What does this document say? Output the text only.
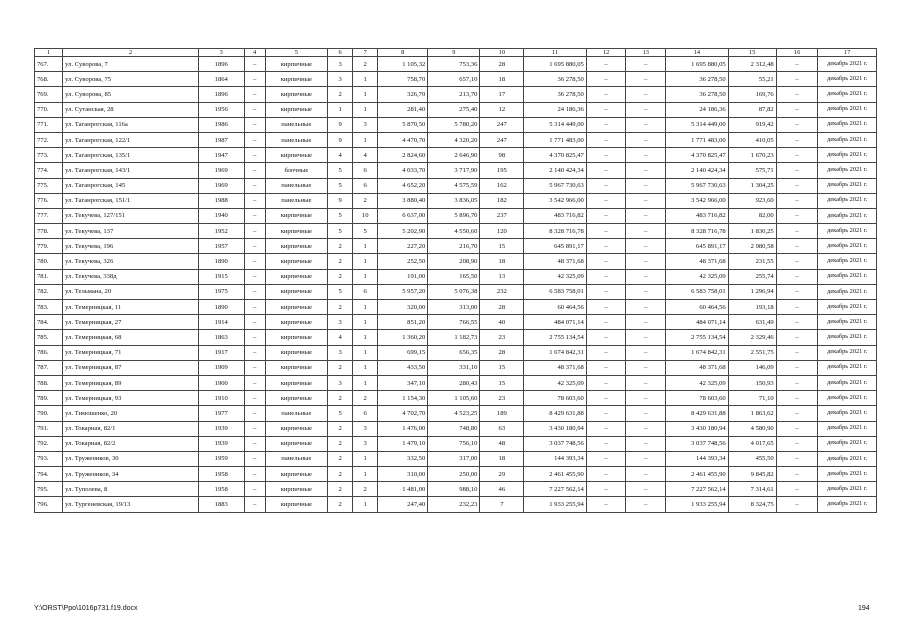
1	2	3	4	5	6	7	8	9	10	11	12	13	14	15	16	17
767.	ул. Суворова, 7	1896	–	кирпичные	3	2	1 105,32	753,36	28	1 695 880,05	–	–	1 695 880,05	2 312,48	–	декабрь 2021 г.
768.	ул. Суворова, 75	1864	–	кирпичные	3	1	758,70	657,10	18	36 278,50	–	–	36 278,50	55,21	–	декабрь 2021 г.
769.	ул. Суворова, 85	1896	–	кирпичные	2	1	326,70	213,70	17	36 278,50	–	–	36 278,50	169,76	–	декабрь 2021 г.
770.	ул. Сутанская, 28	1956	–	кирпичные	1	1	281,40	275,40	12	24 186,36	–	–	24 186,36	87,82	–	декабрь 2021 г.
771.	ул. Таганрогская, 116а	1986	–	панельные	9	3	5 870,50	5 780,20	247	5 314 449,00	–	–	5 314 449,00	919,42	–	декабрь 2021 г.
772.	ул. Таганрогская, 122/1	1987	–	панельные	9	1	4 470,70	4 320,20	247	1 771 483,00	–	–	1 771 483,00	410,05	–	декабрь 2021 г.
773.	ул. Таганрогская, 135/1	1947	–	кирпичные	4	4	2 824,60	2 646,90	98	4 370 825,47	–	–	4 370 825,47	1 670,23	–	декабрь 2021 г.
774.	ул. Таганрогская, 143/1	1969	–	блочные	5	6	4 033,70	3 717,90	195	2 140 424,34	–	–	2 140 424,34	575,71	–	декабрь 2021 г.
775.	ул. Таганрогская, 145	1969	–	панельные	5	6	4 652,20	4 575,59	162	5 967 730,63	–	–	5 967 730,63	1 304,25	–	декабрь 2021 г.
776.	ул. Таганрогская, 151/1	1988	–	панельные	9	2	3 880,40	3 836,05	182	3 542 966,00	–	–	3 542 966,00	923,60	–	декабрь 2021 г.
777.	ул. Текучева, 127/151	1940	–	кирпичные	5	10	6 637,00	5 896,70	237	483 716,82	–	–	483 716,82	82,00	–	декабрь 2021 г.
778.	ул. Текучева, 137	1952	–	кирпичные	5	5	5 202,90	4 550,60	120	8 328 716,78	–	–	8 328 716,78	1 830,25	–	декабрь 2021 г.
779.	ул. Текучева, 196	1957	–	кирпичные	2	1	227,20	216,70	15	645 891,17	–	–	645 891,17	2 980,58	–	декабрь 2021 г.
780.	ул. Текучева, 326	1890	–	кирпичные	2	1	252,50	208,90	18	48 371,68	–	–	48 371,68	231,55	–	декабрь 2021 г.
781.	ул. Текучева, 338д	1915	–	кирпичные	2	1	191,00	165,50	13	42 325,09	–	–	42 325,09	255,74	–	декабрь 2021 г.
782.	ул. Тельмана, 20	1975	–	кирпичные	5	6	5 957,20	5 076,38	232	6 583 758,01	–	–	6 583 758,01	1 296,94	–	декабрь 2021 г.
783.	ул. Темерницкая, 11	1890	–	кирпичные	2	1	320,00	313,00	28	60 464,56	–	–	60 464,56	193,18	–	декабрь 2021 г.
784.	ул. Темерницкая, 27	1914	–	кирпичные	3	1	851,20	766,55	40	484 071,14	–	–	484 071,14	631,49	–	декабрь 2021 г.
785.	ул. Темерницкая, 68	1863	–	кирпичные	4	1	1 360,20	1 182,73	23	2 755 134,54	–	–	2 755 134,54	2 329,46	–	декабрь 2021 г.
786.	ул. Темерницкая, 71	1917	–	кирпичные	3	1	699,15	656,35	28	1 674 842,31	–	–	1 674 842,31	2 551,75	–	декабрь 2021 г.
787.	ул. Темерницкая, 87	1909	–	кирпичные	2	1	433,50	331,10	15	48 371,68	–	–	48 371,68	146,09	–	декабрь 2021 г.
788.	ул. Темерницкая, 89	1900	–	кирпичные	3	1	347,10	280,43	15	42 325,09	–	–	42 325,09	150,93	–	декабрь 2021 г.
789.	ул. Темерницкая, 93	1910	–	кирпичные	2	2	1 154,30	1 105,60	23	78 603,60	–	–	78 603,60	71,10	–	декабрь 2021 г.
790.	ул. Тимошенко, 20	1977	–	панельные	5	6	4 702,70	4 523,25	189	8 429 631,88	–	–	8 429 631,88	1 863,62	–	декабрь 2021 г.
791.	ул. Токарная, 82/1	1939	–	кирпичные	2	3	1 476,00	748,80	63	3 430 180,94	–	–	3 430 180,94	4 580,90	–	декабрь 2021 г.
792.	ул. Токарная, 82/2	1939	–	кирпичные	2	3	1 479,10	756,10	48	3 037 748,56	–	–	3 037 748,56	4 017,65	–	декабрь 2021 г.
793.	ул. Тружеников, 30	1959	–	панельные	2	1	332,50	317,00	18	144 393,34	–	–	144 393,34	455,50	–	декабрь 2021 г.
794.	ул. Тружеников, 34	1958	–	кирпичные	2	1	310,00	250,00	29	2 461 455,90	–	–	2 461 455,90	9 845,82	–	декабрь 2021 г.
795.	ул. Туполева, 8	1958	–	кирпичные	2	2	1 481,00	988,10	46	7 227 562,14	–	–	7 227 562,14	7 314,61	–	декабрь 2021 г.
796.	ул. Тургеневская, 19/13	1883	–	кирпичные	2	1	247,40	232,23	7	1 933 255,94	–	–	1 933 255,94	8 324,75	–	декабрь 2021 г.
Y:\ORST\Ppo\1016p731.f19.docx	194
